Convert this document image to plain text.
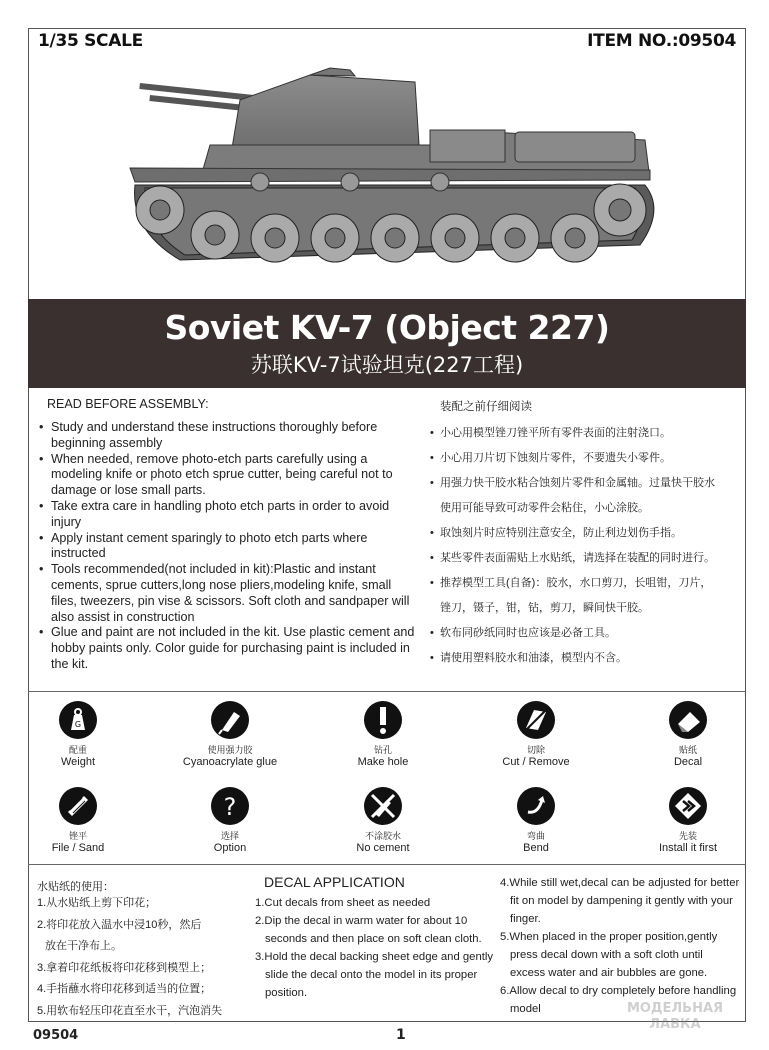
1/35 SCALE	ITEM NO.:09504
Soviet KV-7 (Object 227)
苏联KV-7试验坦克(227工程)
READ BEFORE ASSEMBLY:
• Study and understand these instructions thoroughly before beginning assembly
• When needed, remove photo-etch parts carefully using a modeling knife or photo etch sprue cutter, being careful not to damage or lose small parts.
• Take extra care in handling photo etch parts in order to avoid injury
• Apply instant cement sparingly to photo etch parts where instructed
• Tools recommended(not included in kit):Plastic and instant cements, sprue cutters,long nose pliers,modeling knife, small files, tweezers, pin vise & scissors. Soft cloth and sandpaper will also assist in construction
• Glue and paint are not included in the kit. Use plastic cement and hobby paints only. Color guide for purchasing paint is included in the kit.
装配之前仔细阅读
• 小心用模型锉刀锉平所有零件表面的注射浇口。
• 小心用刀片切下蚀刻片零件，不要遗失小零件。
• 用强力快干胶水粘合蚀刻片零件和金属轴。过量快干胶水
使用可能导致可动零件会粘住，小心涂胶。
• 取蚀刻片时应特别注意安全，防止利边划伤手指。
• 某些零件表面需贴上水贴纸，请选择在装配的同时进行。
• 推荐模型工具(自备)：胶水，水口剪刀，长咀钳，刀片，
锉刀，镊子，钳，钻，剪刀，瞬间快干胶。
• 软布同砂纸同时也应该是必备工具。
• 请使用塑料胶水和油漆，模型内不含。
G
配重
Weight
使用强力胶
Cyanoacrylate glue
钻孔
Make hole
切除
Cut / Remove
贴纸
Decal
锉平
File / Sand
?
选择
Option
不涂胶水
No cement
弯曲
Bend
先装
Install it first
水贴纸的使用：
1.从水贴纸上剪下印花；
2.将印花放入温水中浸10秒，然后
放在干净布上。
3.拿着印花纸板将印花移到模型上；
4.手指蘸水将印花移到适当的位置；
5.用软布轻压印花直至水干，汽泡消失
DECAL APPLICATION
1.Cut decals from sheet as needed
2.Dip the decal in warm water for about 10 seconds and then place on soft clean cloth.
3.Hold the decal backing sheet edge and gently slide the decal onto the model in its proper position.
4.While still wet,decal can be adjusted for better fit on model by dampening it gently with your finger.
5.When placed in the proper position,gently press decal down with a soft cloth until excess water and air bubbles are gone.
6.Allow decal to dry completely before handling model	МОДЕЛЬНАЯ
ЛАВКА
09504	1
